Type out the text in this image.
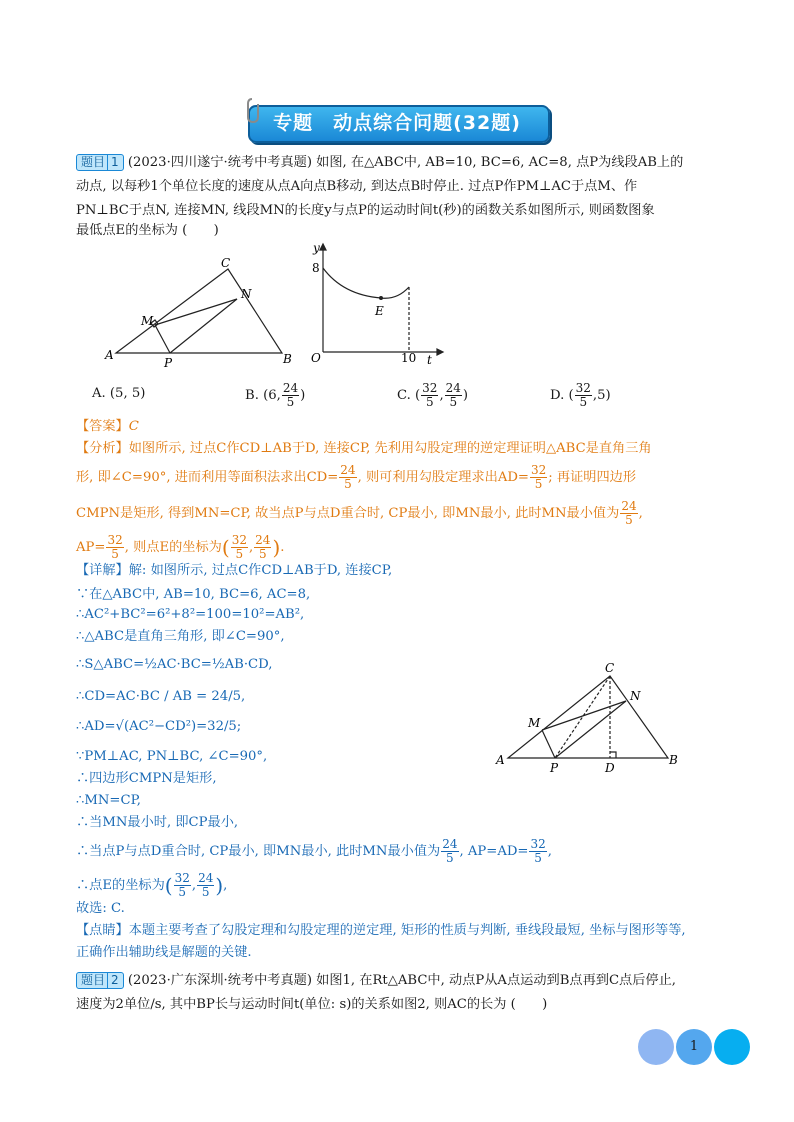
专题　动点综合问题(32题)
题目 1 (2023·四川遂宁·统考中考真题) 如图, 在△ABC中, AB=10, BC=6, AC=8, 点P为线段AB上的
动点, 以每秒1个单位长度的速度从点A向点B移动, 到达点B时停止. 过点P作PM⊥AC于点M、作
PN⊥BC于点N, 连接MN, 线段MN的长度y与点P的运动时间t(秒)的函数关系如图所示, 则函数图象
最低点E的坐标为 (　　)
A	B
C
M
N
P
y
t
O
8
10
E
A. (5, 5)	B. (6, $\frac{24}{5}$ )	C. ( $\frac{32}{5}$ , $\frac{24}{5}$ )	D. ( $\frac{32}{5} ,5$)
【答案】C
【分析】如图所示, 过点C作CD⊥AB于D, 连接CP, 先利用勾股定理的逆定理证明△ABC是直角三角
形, 即∠C=90°, 进而利用等面积法求出$CD= \frac{24}{5}$ , 则可利用勾股定理求出$AD= \frac{32}{5}$ ; 再证明四边形
CMPN是矩形, 得到MN=CP, 故当点P与点D重合时, CP最小, 即MN最小, 此时MN最小值为 $\frac{24}{5}$ ,
$AP= \frac{32}{5}$ , 则点E的坐标为( $\frac{32}{5}$ , $\frac{24}{5}$ ).
【详解】解: 如图所示, 过点C作CD⊥AB于D, 连接CP,
∵在△ABC中, AB=10, BC=6, AC=8,
∴AC²+BC²=6²+8²=100=10²=AB²,
∴△ABC是直角三角形, 即∠C=90°,
∴S△ABC=½AC·BC=½AB·CD,
∴CD=AC·BC / AB = 24/5,
∴AD=√(AC²−CD²)=32/5;
∵PM⊥AC, PN⊥BC, ∠C=90°,
∴四边形CMPN是矩形,
∴MN=CP,
∴当MN最小时, 即CP最小,
∴当点P与点D重合时, CP最小, 即MN最小, 此时MN最小值为 $\frac{24}{5}$ , $AP=AD= \frac{32}{5}$ ,
∴点E的坐标为( $\frac{32}{5}$ , $\frac{24}{5}$ ),
故选: C.
A	B
C
D
M
N
P
【点睛】本题主要考查了勾股定理和勾股定理的逆定理, 矩形的性质与判断, 垂线段最短, 坐标与图形等等,
正确作出辅助线是解题的关键.
题目 2 (2023·广东深圳·统考中考真题) 如图1, 在Rt△ABC中, 动点P从A点运动到B点再到C点后停止,
速度为2单位/s, 其中BP长与运动时间t(单位: s)的关系如图2, 则AC的长为 (　　)
1
